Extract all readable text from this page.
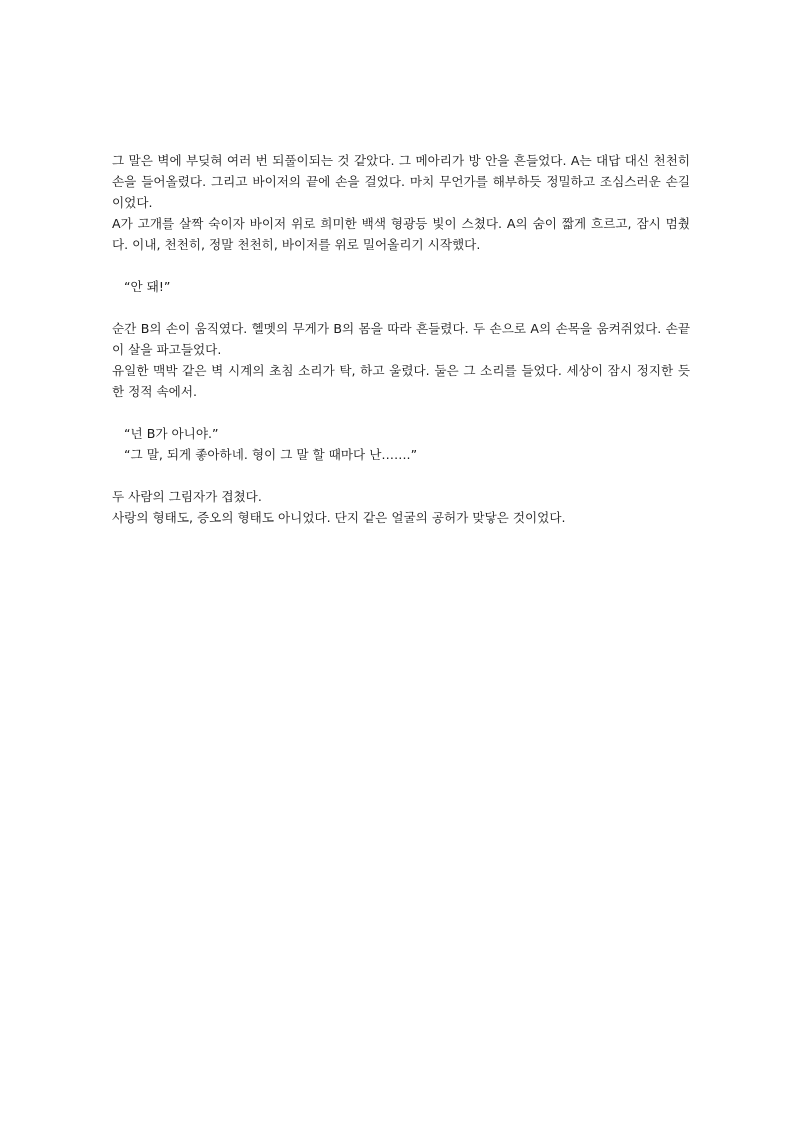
그 말은 벽에 부딪혀 여러 번 되풀이되는 것 같았다. 그 메아리가 방 안을 흔들었다. A는 대답 대신 천천히 손을 들어올렸다. 그리고 바이저의 끝에 손을 걸었다. 마치 무언가를 해부하듯 정밀하고 조심스러운 손길이었다.

A가 고개를 살짝 숙이자 바이저 위로 희미한 백색 형광등 빛이 스쳤다. A의 숨이 짧게 흐르고, 잠시 멈췄다. 이내, 천천히, 정말 천천히, 바이저를 위로 밀어올리기 시작했다.

“안 돼!”

순간 B의 손이 움직였다. 헬멧의 무게가 B의 몸을 따라 흔들렸다. 두 손으로 A의 손목을 움켜쥐었다. 손끝이 살을 파고들었다.

유일한 맥박 같은 벽 시계의 초침 소리가 탁, 하고 울렸다. 둘은 그 소리를 들었다. 세상이 잠시 정지한 듯한 정적 속에서.

“넌 B가 아니야.”

“그 말, 되게 좋아하네. 형이 그 말 할 때마다 난…….”

두 사람의 그림자가 겹쳤다.

사랑의 형태도, 증오의 형태도 아니었다. 단지 같은 얼굴의 공허가 맞닿은 것이었다.
